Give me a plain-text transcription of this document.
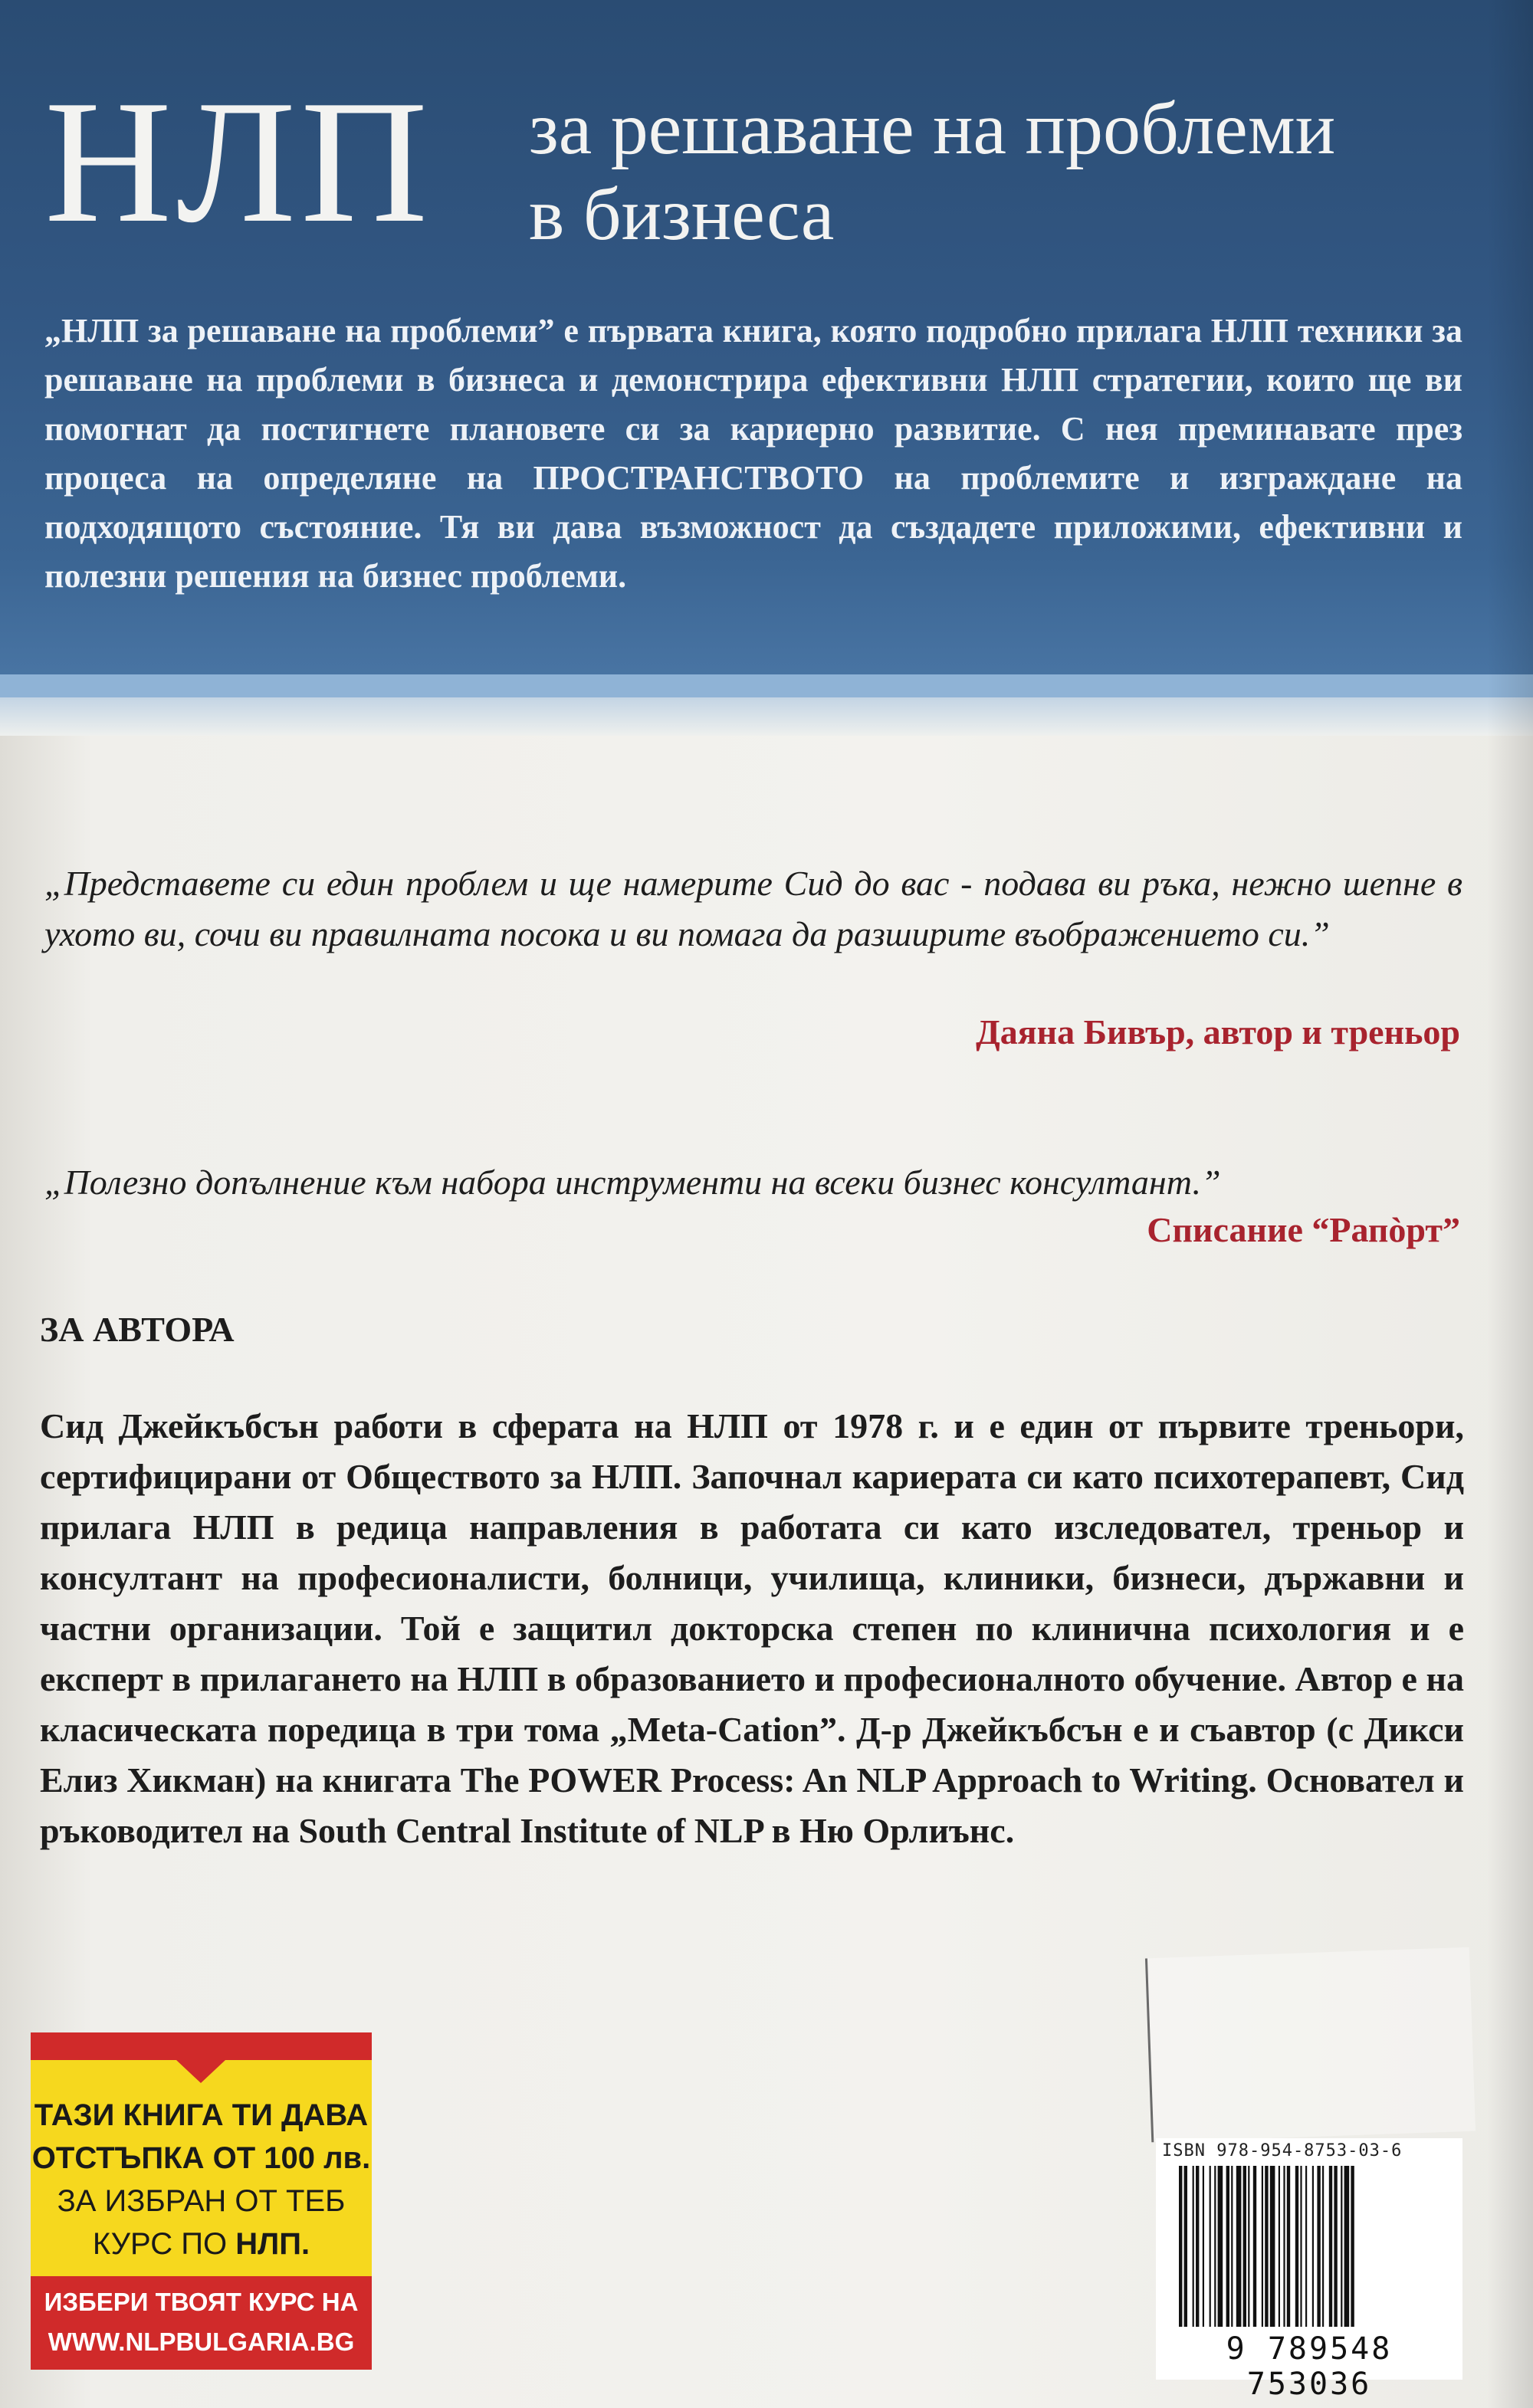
НЛП за решаване на проблеми
в бизнеса
„НЛП за решаване на проблеми” е първата книга, която подробно прилага НЛП техники за решаване на проблеми в бизнеса и демонстрира ефективни НЛП стратегии, които ще ви помогнат да постигнете плановете си за кариерно развитие. С нея преминавате през процеса на определяне на ПРОСТРАНСТВОТО на проблемите и изграждане на подходящото състояние. Тя ви дава възможност да създадете приложими, ефективни и полезни решения на бизнес проблеми.
„Представете си един проблем и ще намерите Сид до вас - подава ви ръка, нежно шепне в ухото ви, сочи ви правилната посока и ви помага да разширите въображението си.”
Даяна Бивър, автор и треньор
„Полезно допълнение към набора инструменти на всеки бизнес консултант.”
Списание “Рапòрт”
ЗА АВТОРА
Сид Джейкъбсън работи в сферата на НЛП от 1978 г. и е един от първите треньори, сертифицирани от Обществото за НЛП. Започнал кариерата си като психотерапевт, Сид прилага НЛП в редица направления в работата си като изследовател, треньор и консултант на професионалисти, болници, училища, клиники, бизнеси, държавни и частни организации. Той е защитил докторска степен по клинична психология и е експерт в прилагането на НЛП в образованието и професионалното обучение. Автор е на класическата поредица в три тома „Meta-Cation”. Д-р Джейкъбсън е и съавтор (с Дикси Елиз Хикман) на книгата The POWER Process: An NLP Approach to Writing. Основател и ръководител на South Central Institute of NLP в Ню Орлиънс.
ТАЗИ КНИГА ТИ ДАВА
ОТСТЪПКА ОТ 100 лв.
ЗА ИЗБРАН ОТ ТЕБ
КУРС ПО НЛП.
ИЗБЕРИ ТВОЯТ КУРС НА
WWW.NLPBULGARIA.BG
ISBN 978-954-8753-03-6
9 789548 753036
